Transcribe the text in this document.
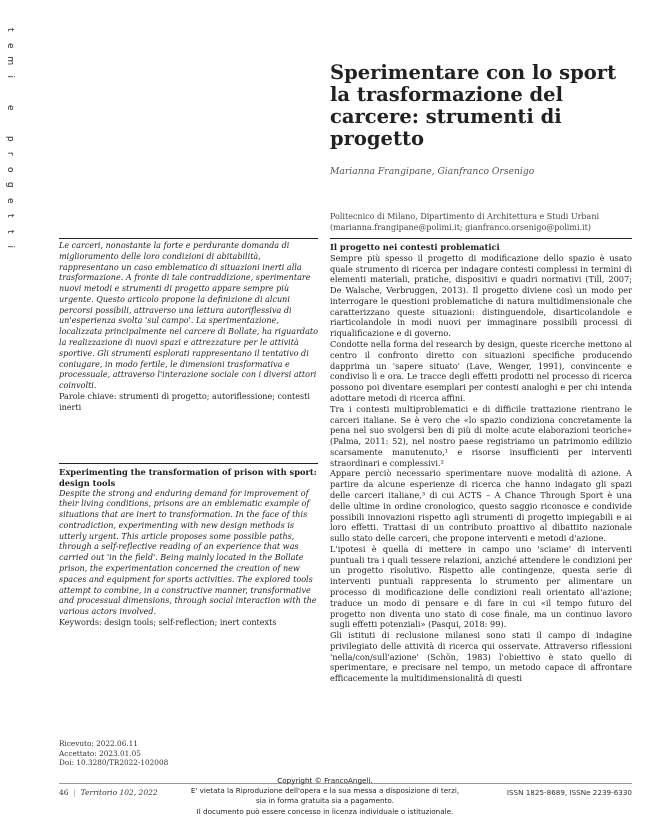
t
e
m
i
e
p
r
o
g
e
t
t
i
Sperimentare con lo sport la trasformazione del carcere: strumenti di progetto
Marianna Frangipane, Gianfranco Orsenigo
Politecnico di Milano, Dipartimento di Architettura e Studi Urbani
(marianna.frangipane@polimi.it; gianfranco.orsenigo@polimi.it)

Le carceri, nonostante la forte e perdurante domanda di miglioramento delle loro condizioni di abitabilità, rappresentano un caso emblematico di situazioni inerti alla trasformazione. A fronte di tale contraddizione, sperimentare nuovi metodi e strumenti di progetto appare sempre più urgente. Questo articolo propone la definizione di alcuni percorsi possibili, attraverso una lettura autoriflessiva di un'esperienza svolta 'sul campo'. La sperimentazione, localizzata principalmente nel carcere di Bollate, ha riguardato la realizzazione di nuovi spazi e attrezzature per le attività sportive. Gli strumenti esplorati rappresentano il tentativo di coniugare, in modo fertile, le dimensioni trasformativa e processuale, attraverso l'interazione sociale con i diversi attori coinvolti.

Parole chiave: strumenti di progetto; autoriflessione; contesti inerti

Experimenting the transformation of prison with sport: design tools

Despite the strong and enduring demand for improvement of their living conditions, prisons are an emblematic example of situations that are inert to transformation. In the face of this contradiction, experimenting with new design methods is utterly urgent. This article proposes some possible paths, through a self-reflective reading of an experience that was carried out 'in the field'. Being mainly located in the Bollate prison, the experimentation concerned the creation of new spaces and equipment for sports activities. The explored tools attempt to combine, in a constructive manner, transformative and processual dimensions, through social interaction with the various actors involved.

Keywords: design tools; self-reflection; inert contexts

Ricevuto: 2022.06.11
Accettato: 2023.01.05
Doi: 10.3280/TR2022-102008

Il progetto nei contesti problematici

Sempre più spesso il progetto di modificazione dello spazio è usato quale strumento di ricerca per indagare contesti complessi in termini di elementi materiali, pratiche, dispositivi e quadri normativi (Till, 2007; De Walsche, Verbruggen, 2013). Il progetto diviene così un modo per interrogare le questioni problematiche di natura multidimensionale che caratterizzano queste situazioni: distinguendole, disarticolandole e riarticolandole in modi nuovi per immaginare possibili processi di riqualificazione e di governo.

Condotte nella forma del research by design, queste ricerche mettono al centro il confronto diretto con situazioni specifiche producendo dapprima un 'sapere situato' (Lave, Wenger, 1991), convincente e condiviso lì e ora. Le tracce degli effetti prodotti nel processo di ricerca possono poi diventare esemplari per contesti analoghi e per chi intenda adottare metodi di ricerca affini.

Tra i contesti multiproblematici e di difficile trattazione rientrano le carceri italiane. Se è vero che «lo spazio condiziona concretamente la pena nel suo svolgersi ben di più di molte acute elaborazioni teoriche» (Palma, 2011: 52), nel nostro paese registriamo un patrimonio edilizio scarsamente manutenuto,¹ e risorse insufficienti per interventi straordinari e complessivi.²

Appare perciò necessario sperimentare nuove modalità di azione. A partire da alcune esperienze di ricerca che hanno indagato gli spazi delle carceri italiane,³ di cui ACTS – A Chance Through Sport è una delle ultime in ordine cronologico, questo saggio riconosce e condivide possibili innovazioni rispetto agli strumenti di progetto impiegabili e ai loro effetti. Trattasi di un contributo proattivo al dibattito nazionale sullo stato delle carceri, che propone interventi e metodi d'azione.

L'ipotesi è quella di mettere in campo uno 'sciame' di interventi puntuali tra i quali tessere relazioni, anziché attendere le condizioni per un progetto risolutivo. Rispetto alle contingenze, questa serie di interventi puntuali rappresenta lo strumento per alimentare un processo di modificazione delle condizioni reali orientato all'azione; traduce un modo di pensare e di fare in cui «il tempo futuro del progetto non diventa uno stato di cose finale, ma un continuo lavoro sugli effetti potenziali» (Pasqui, 2018: 99).

Gli istituti di reclusione milanesi sono stati il campo di indagine privilegiato delle attività di ricerca qui osservate. Attraverso riflessioni 'nella/con/sull'azione' (Schön, 1983) l'obiettivo è stato quello di sperimentare, e precisare nel tempo, un metodo capace di affrontare efficacemente la multidimensionalità di questi

46  |  Territorio 102, 2022
Copyright © FrancoAngeli.
E' vietata la Riproduzione dell'opera e la sua messa a disposizione di terzi,
sia in forma gratuita sia a pagamento.
Il documento può essere concesso in licenza individuale o istituzionale.
ISSN 1825-8689, ISSNe 2239-6330
